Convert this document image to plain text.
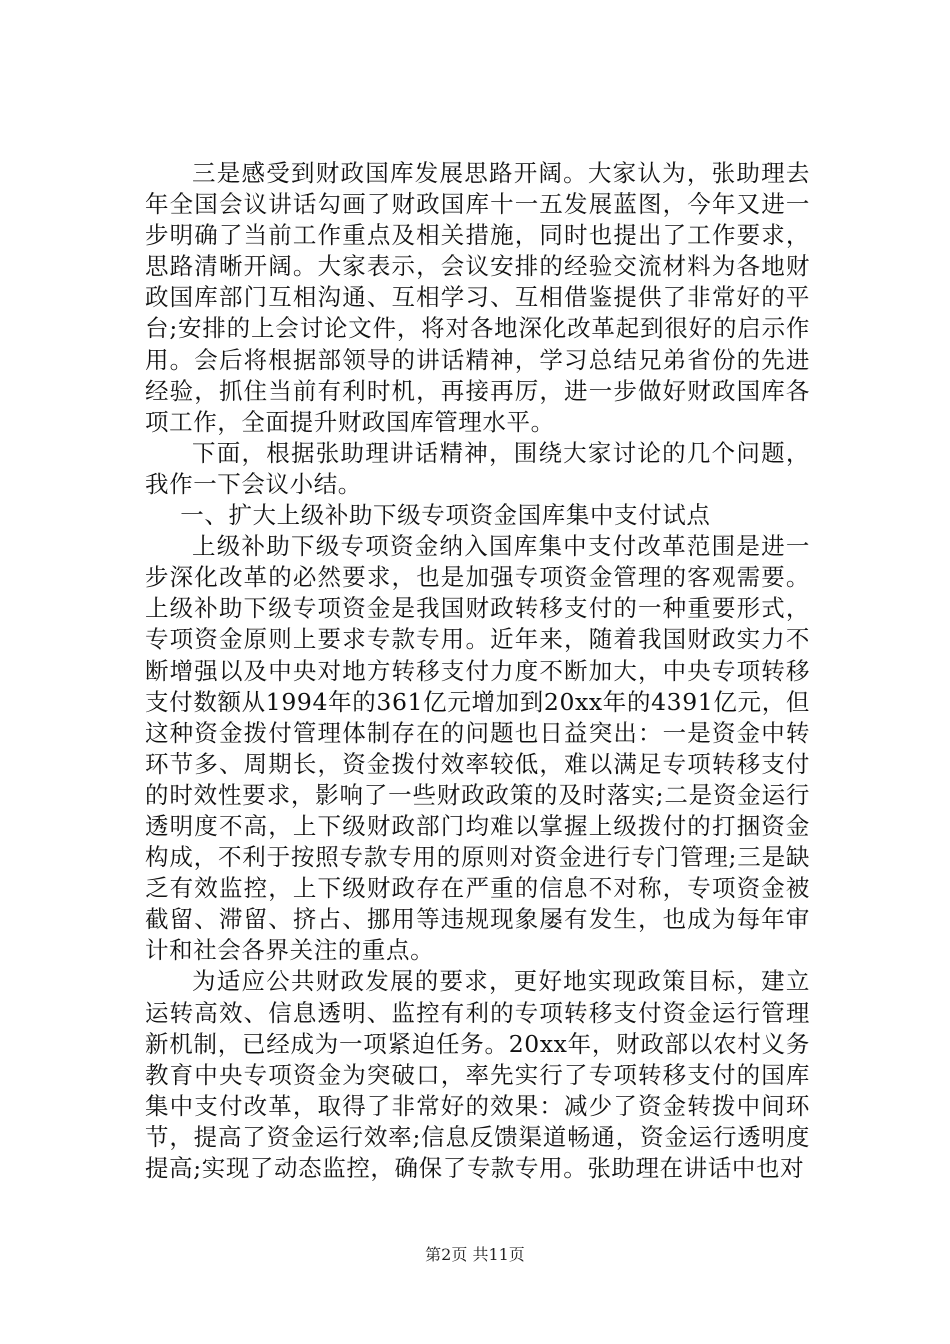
三是感受到财政国库发展思路开阔。大家认为，张助理去年全国会议讲话勾画了财政国库十一五发展蓝图，今年又进一步明确了当前工作重点及相关措施，同时也提出了工作要求，思路清晰开阔。大家表示，会议安排的经验交流材料为各地财政国库部门互相沟通、互相学习、互相借鉴提供了非常好的平台;安排的上会讨论文件，将对各地深化改革起到很好的启示作用。会后将根据部领导的讲话精神，学习总结兄弟省份的先进经验，抓住当前有利时机，再接再厉，进一步做好财政国库各项工作，全面提升财政国库管理水平。

下面，根据张助理讲话精神，围绕大家讨论的几个问题，我作一下会议小结。

一、扩大上级补助下级专项资金国库集中支付试点

上级补助下级专项资金纳入国库集中支付改革范围是进一步深化改革的必然要求，也是加强专项资金管理的客观需要。上级补助下级专项资金是我国财政转移支付的一种重要形式，专项资金原则上要求专款专用。近年来，随着我国财政实力不断增强以及中央对地方转移支付力度不断加大，中央专项转移支付数额从1994年的361亿元增加到20xx年的4391亿元，但这种资金拨付管理体制存在的问题也日益突出：一是资金中转环节多、周期长，资金拨付效率较低，难以满足专项转移支付的时效性要求，影响了一些财政政策的及时落实;二是资金运行透明度不高，上下级财政部门均难以掌握上级拨付的打捆资金构成，不利于按照专款专用的原则对资金进行专门管理;三是缺乏有效监控，上下级财政存在严重的信息不对称，专项资金被截留、滞留、挤占、挪用等违规现象屡有发生，也成为每年审计和社会各界关注的重点。

为适应公共财政发展的要求，更好地实现政策目标，建立运转高效、信息透明、监控有利的专项转移支付资金运行管理新机制，已经成为一项紧迫任务。20xx年，财政部以农村义务教育中央专项资金为突破口，率先实行了专项转移支付的国库集中支付改革，取得了非常好的效果：减少了资金转拨中间环节，提高了资金运行效率;信息反馈渠道畅通，资金运行透明度提高;实现了动态监控，确保了专款专用。张助理在讲话中也对

第2页 共11页
